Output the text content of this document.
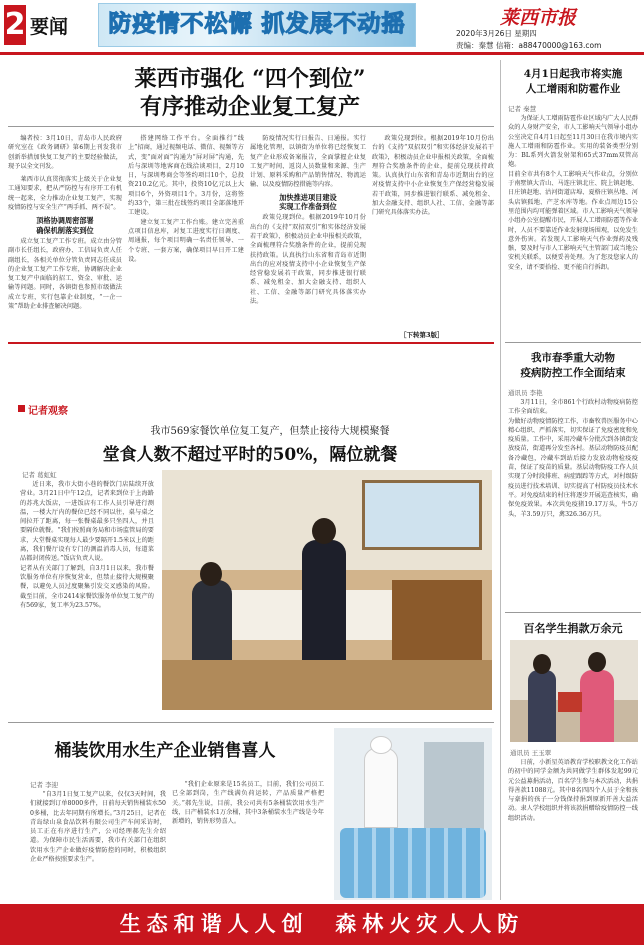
2 要闻	防疫情不松懈 抓发展不动摇	莱西市报
2020年3月26日 星期四
责编：秦慧 信箱：a88470000@163.com
莱西市强化 “四个到位”
有序推动企业复工复产

编者按：3月10日，青岛市人民政府研究室在《政务调研》第6期上刊发我市创新举措加快复工复产的主要经验做法，现予以全文刊发。

莱西市认真贯彻落实上级关于企业复工通知要求，把从严防控与有序开工有机统一起来，全力推动企业复工复产，实现疫情防控与安全生产“两手抓、两不误”。

顶格协调周密部署
确保机制落实到位

成立复工复产工作专班。成立由分管副市长任组长，政府办、工信局负责人任副组长，各相关单位分管负责同志任成员的企业复工复产工作专班，协调解决企业复工复产中面临的招工、资金、审批、运输等问题。同时，各镇街也参照市级做法成立专班，实行包靠企业制度，“一企一策”帮助企业排查解决问题。

搭建网络工作平台。全面推行“线上”招商，通过视频电话、微信、视频等方式，变“面对面”沟通为“屏对屏”沟通，先后与深圳等地客商在线洽谈项目，2月10日，与深圳粤商会等签约项目10个，总投资210.2亿元。其中，投资10亿元以上大项目6个，外资项目1个。3月份，这将签约33个，第三批在线签约项目全部落地开工建设。

建立复工复产工作台账。建立完善重点项目信息库，对复工进度实行日调度、周通报，每个项目明确一名责任领导、一个专班、一套方案，确保项目早日开工建设。

防疫情况实行日报告、日通报。实行属地化管理，以镇街为单位将已经恢复工复产企业形成备案报告，全面掌握企业复工复产时间、返岗人员数量和来源、生产计划、原料采购和产品销售情况、物流运输、以及疫情防控措施等内容。

加快推进项目建设
实现工作准备到位

政策兑现到位。根据2019年10月份出台的《支持“双招双引”和实体经济发展若干政策》，积极动员企业申报相关政策，全面梳理符合奖励条件的企业，提前兑现扶持政策。认真执行山东省和青岛市近期出台的应对疫情支持中小企业恢复生产保经营稳发展若干政策，同步推进银行联系、减免租金、加大金融支持、组织人社、工信、金融等部门研究具体落实办法。

［下转第3版］

政策兑现到位。根据2019年10月份出台的《支持“双招双引”和实体经济发展若干政策》，积极动员企业申报相关政策，全面梳理符合奖励条件的企业，提前兑现扶持政策。认真执行山东省和青岛市近期出台的应对疫情支持中小企业恢复生产保经营稳发展若干政策，同步推进银行联系、减免租金、加大金融支持、组织人社、工信、金融等部门研究具体落实办法。

4月1日起我市将实施
人工增雨和防雹作业
记者 秦慧
为保证人工增雨防雹作业区域内广大人民群众的人身财产安全，市人工影响天气领导小组办公室决定自4月1日起至11月30日在我市境内实施人工增雨和防雹作业。实用的装备类型分别为：BL系列火箭发射架和65式37mm双管高炮。
目前全市共有8个人工影响天气作业点，分别位于南墅镇大青山、马连庄镇北庄、院上镇赵地、日庄镇赵地、沽河街道店埠、夏格庄镇丛地、河头店镇狐地、产芝水库等地。作业点周边15公里范围内均可能弹着区域。市人工影响天气领导小组办公室提醒市民，开展人工增雨防雹等作业时，人员不要靠近作业发射现场围观，以免发生意外伤害。若发现人工影响天气作业弹药及残骸，要及时与市人工影响天气主管部门或当地公安机关联系，以便妥善处理。为了您及您家人的安全，请不要拾捡、更不能自行拆卸。
我市春季重大动物
疫病防控工作全面结束
通讯员 李艳
3月11日，全市861个行政村动物疫病防控工作全面结束。
为做好动物疫情防控工作，市畜牧兽医服务中心精心组织、严抓落实，切实保证了免疫密度和免疫质量。工作中，采用冷藏车分批次到各镇街发放疫苗，街道再分发至各村。基层动物防疫员配备冷藏包，冷藏车到站后接力发放动物检疫疫苗，保证了疫苗的质量。基层动物防疫工作人员实现了分时段排班、病症跟踪等方式，对村级防疫员进行技术培训、切实提高了村防疫员技术水平。对免疫结束的村庄将逐步开展巡查核实，确保免疫效果。本次共免疫猪19.17万头，牛5万头，羊3.59万只，禽326.36万只。
百名学生捐款万余元
通讯员 王玉翠
日前，小新星英语教育学校职教文化工作站的初中的同学金额为共同做学生群体发起99元元公益募捐活动，百名学生参与本次活动，共捐得善款11088元。其中8名四四个人员于全和孩与豪捐的孩子一分钱保持捐到原新开善大益活动。隶人学校组织并将该款捐赠给疫情防控一线组织活动。
记者观察
我市569家餐饮单位复工复产，但禁止接待大规模聚餐
堂食人数不超过平时的50%，隔位就餐
记者 葛虹虹
近日来，我市大街小巷的餐饮门店陆续开放营业。3月21日中午12点，记者来到位于上海路的苏兆大饭店，一进饭店有工作人员引导进行测温，一楼大厅内的餐位已经不同以往，桌与桌之间拉开了距离，每一张餐桌最多只坐四人，并且要隔位就餐。“我们按照商务局和市场监管局的要求，大堂餐桌实现每人最少要隔开1.5米以上的距离，我们餐厅设有专门的测温消毒人员，每道菜品都封闭传送。”饭店负责人说。
记者从有关部门了解到，自3月1日以来，我市餐饮服务单位有序恢复营业，但禁止接待大规模聚餐，以避免人员过度聚集引发交叉感染的风险。截至目前，全市2414家餐饮服务单位复工复产的有569家，复工率为23.57%。
桶装饮用水生产企业销售喜人
记者 李迎
“自3月1日复工复产以来，仅仅3天时间，我们就接到订单8000多件，日前每天销售桶装水500多桶，比去年同期有所增长。”3月25日，记者在青岛绿山泉食品饮料有限公司生产车间采访时，员工正在有序进行生产，公司经理郝先生介绍道。为保障市民生活需要，我市有关部门在组织饮用水生产企业做好疫情防控的同时，积极组织企业严格按照要求生产。
“我们企业原来是15名员工，目前，我们公司员工已全部到岗，生产线满负荷运转，产品质量严格把关。”郝先生说，目前，我公司共有5条桶装饮用水生产线，日产桶装水1万余桶，其中3条桶装水生产线是今年新增的，销售形势喜人。
生态和谐人人创  森林火灾人人防
